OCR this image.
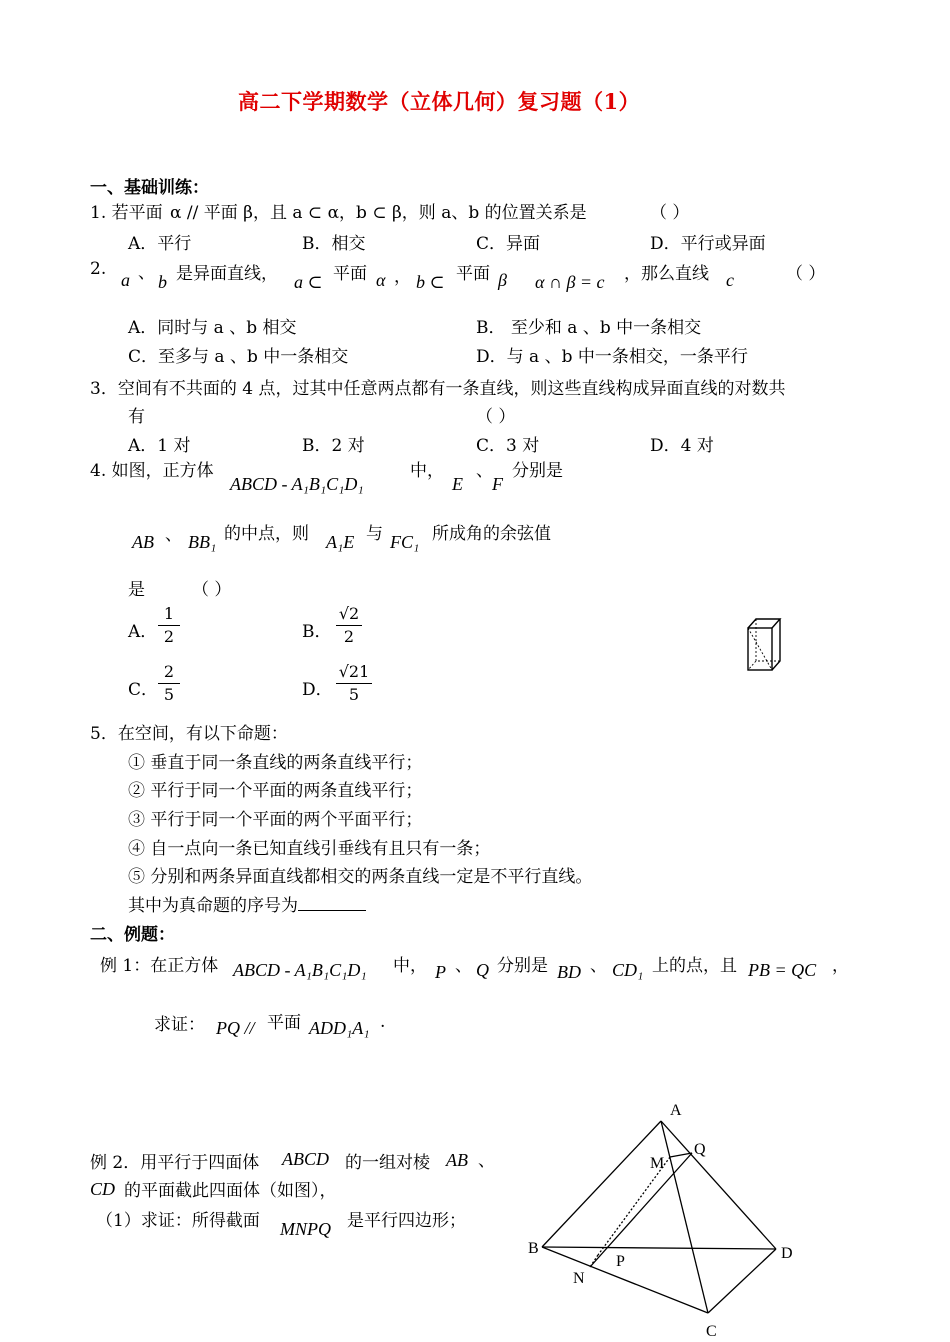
高二下学期数学（立体几何）复习题（1）
一、基础训练：
1. 若平面 α // 平面 β，且 a ⊂ α，b ⊂ β，则 a、b 的位置关系是	（ ）
A．平行	B．相交	C．异面	D．平行或异面
2.
a 、 b 是异面直线， a ⊂ 平面 α ， b ⊂ 平面 β α ∩ β = c ，那么直线 c	（ ）
A．同时与 a 、b 相交	B． 至少和 a 、b 中一条相交
C．至多与 a 、b 中一条相交	D．与 a 、b 中一条相交，一条平行
3．空间有不共面的 4 点，过其中任意两点都有一条直线，则这些直线构成异面直线的对数共
有	（ ）
A．1 对	B．2 对	C．3 对	D．4 对
4. 如图，正方体
ABCD - A₁B₁C₁D₁
中， 、
E F
分别是
AB 、 BB₁ 的中点，则 A₁E 与 FC₁ 所成角的余弦值
是	（ ）
A．
1
2	B．
√2
2
C．
2
5	D．
√21
5
5．在空间，有以下命题：
① 垂直于同一条直线的两条直线平行；
② 平行于同一个平面的两条直线平行；
③ 平行于同一个平面的两个平面平行；
④ 自一点向一条已知直线引垂线有且只有一条；
⑤ 分别和两条异面直线都相交的两条直线一定是不平行直线。
其中为真命题的序号为
二、例题：
例 1：在正方体 ABCD - A₁B₁C₁D₁ 中， P 、 Q 分别是 BD 、 CD₁ 上的点，且 PB = QC ，
求证： PQ // 平面 ADD₁A₁ .
例 2．用平行于四面体 ABCD 的一组对棱 AB 、
CD 的平面截此四面体（如图），
（1）求证：所得截面 MNPQ 是平行四边形；
A
B
C
D
M
N
P
Q
